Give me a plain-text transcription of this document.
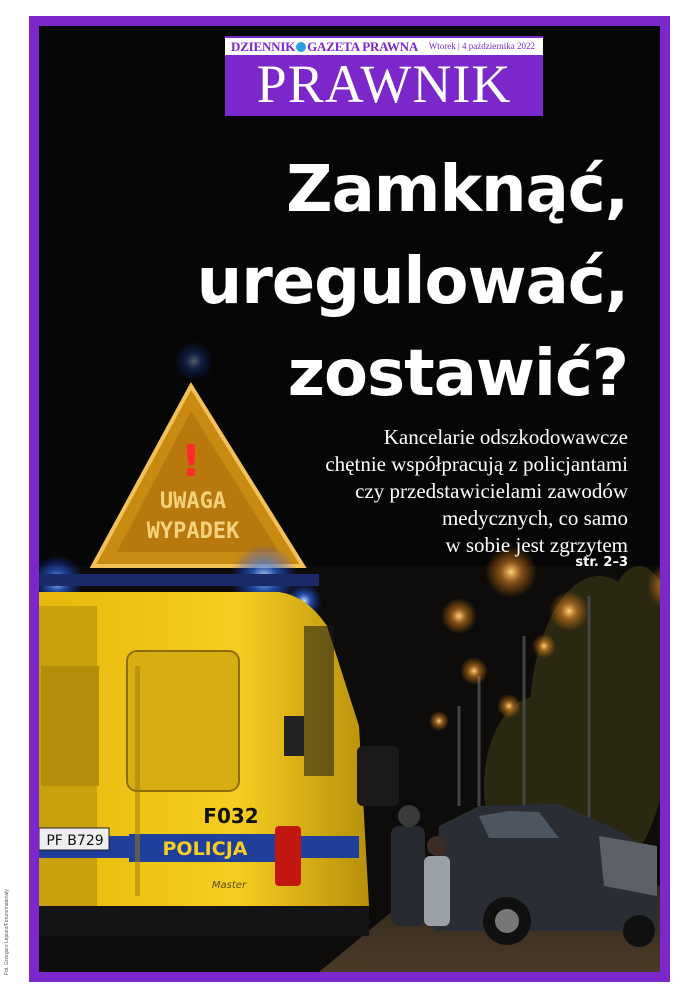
!
UWAGA
WYPADEK
POLICJA
F032
PF B729
Master
DZIENNIK GAZETA PRAWNA Wtorek | 4 października 2022
PRAWNIK
Zamknąć,
uregulować,
zostawić?

Kancelarie odszkodowawcze
chętnie współpracują z policjantami
czy przedstawicielami zawodów
medycznych, co samo
w sobie jest zgrzytem

str. 2–3
Fot. Grzegorz Lepiarz/Forum/materiały
